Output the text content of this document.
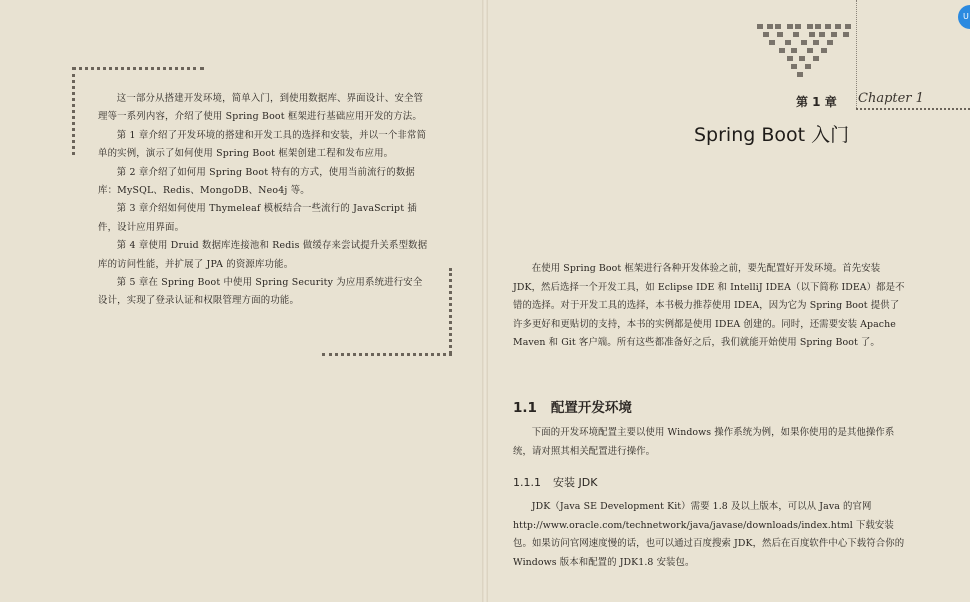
这一部分从搭建开发环境，简单入门，到使用数据库、界面设计、安全管理等一系列内容，介绍了使用 Spring Boot 框架进行基础应用开发的方法。

第 1 章介绍了开发环境的搭建和开发工具的选择和安装，并以一个非常简单的实例，演示了如何使用 Spring Boot 框架创建工程和发布应用。

第 2 章介绍了如何用 Spring Boot 特有的方式，使用当前流行的数据库：MySQL、Redis、MongoDB、Neo4j 等。

第 3 章介绍如何使用 Thymeleaf 模板结合一些流行的 JavaScript 插件，设计应用界面。

第 4 章使用 Druid 数据库连接池和 Redis 做缓存来尝试提升关系型数据库的访问性能，并扩展了 JPA 的资源库功能。

第 5 章在 Spring Boot 中使用 Spring Security 为应用系统进行安全设计，实现了登录认证和权限管理方面的功能。

第 1 章 Chapter 1
Spring Boot 入门
U

在使用 Spring Boot 框架进行各种开发体验之前，要先配置好开发环境。首先安装 JDK，然后选择一个开发工具，如 Eclipse IDE 和 IntelliJ IDEA（以下简称 IDEA）都是不错的选择。对于开发工具的选择，本书极力推荐使用 IDEA，因为它为 Spring Boot 提供了许多更好和更贴切的支持，本书的实例都是使用 IDEA 创建的。同时，还需要安装 Apache Maven 和 Git 客户端。所有这些都准备好之后，我们就能开始使用 Spring Boot 了。

1.1 配置开发环境

下面的开发环境配置主要以使用 Windows 操作系统为例，如果你使用的是其他操作系统，请对照其相关配置进行操作。

1.1.1 安装 JDK

JDK（Java SE Development Kit）需要 1.8 及以上版本，可以从 Java 的官网 http://www.oracle.com/technetwork/java/javase/downloads/index.html 下载安装包。如果访问官网速度慢的话，也可以通过百度搜索 JDK，然后在百度软件中心下载符合你的 Windows 版本和配置的 JDK1.8 安装包。
